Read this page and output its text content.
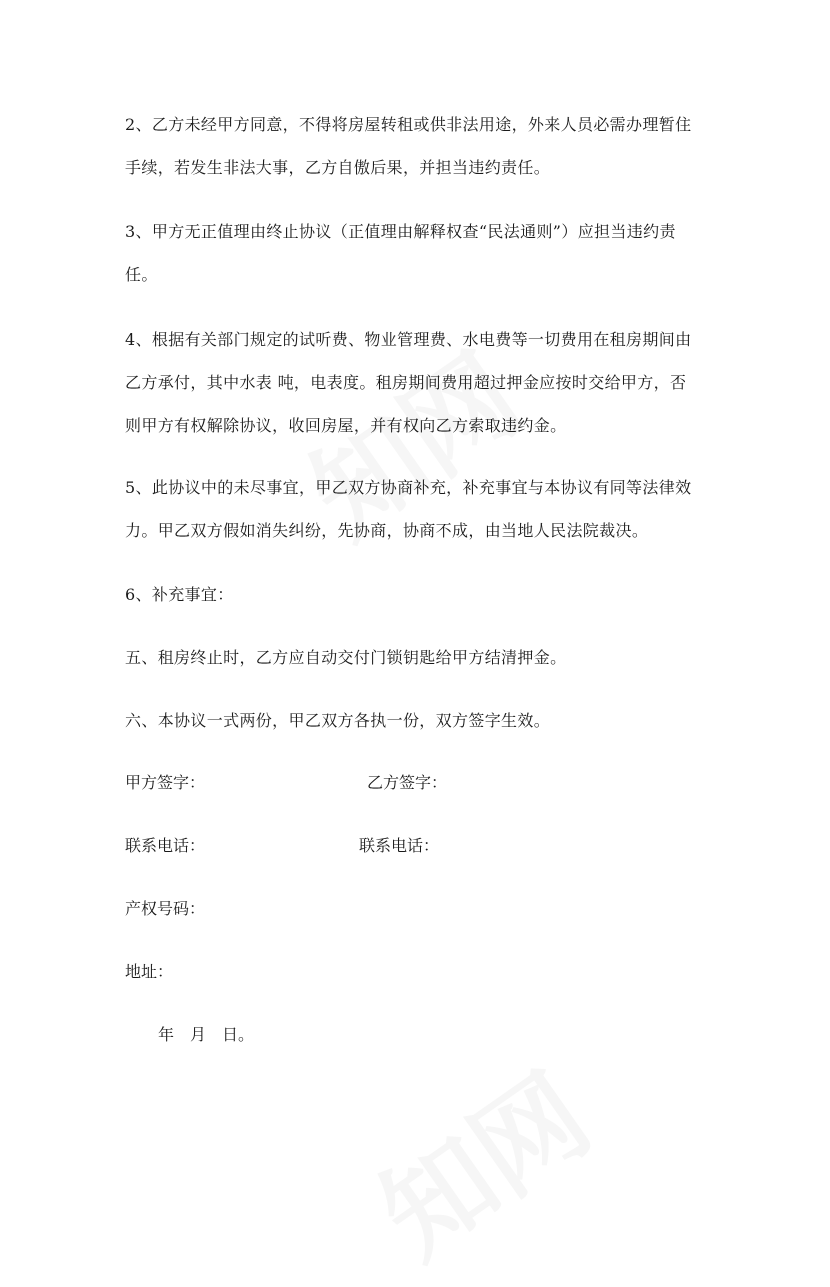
2、乙方未经甲方同意，不得将房屋转租或供非法用途，外来人员必需办理暂住
手续，若发生非法大事，乙方自傲后果，并担当违约责任。

3、甲方无正值理由终止协议（正值理由解释权查“民法通则”）应担当违约责
任。

4、根据有关部门规定的试听费、物业管理费、水电费等一切费用在租房期间由
乙方承付，其中水表 吨，电表度。租房期间费用超过押金应按时交给甲方，否
则甲方有权解除协议，收回房屋，并有权向乙方索取违约金。

5、此协议中的未尽事宜，甲乙双方协商补充，补充事宜与本协议有同等法律效
力。甲乙双方假如消失纠纷，先协商，协商不成，由当地人民法院裁决。

6、补充事宜：

五、租房终止时，乙方应自动交付门锁钥匙给甲方结清押金。

六、本协议一式两份，甲乙双方各执一份，双方签字生效。

甲方签字：	乙方签字：
联系电话：	联系电话：
产权号码：
地址：
年　月　日。
